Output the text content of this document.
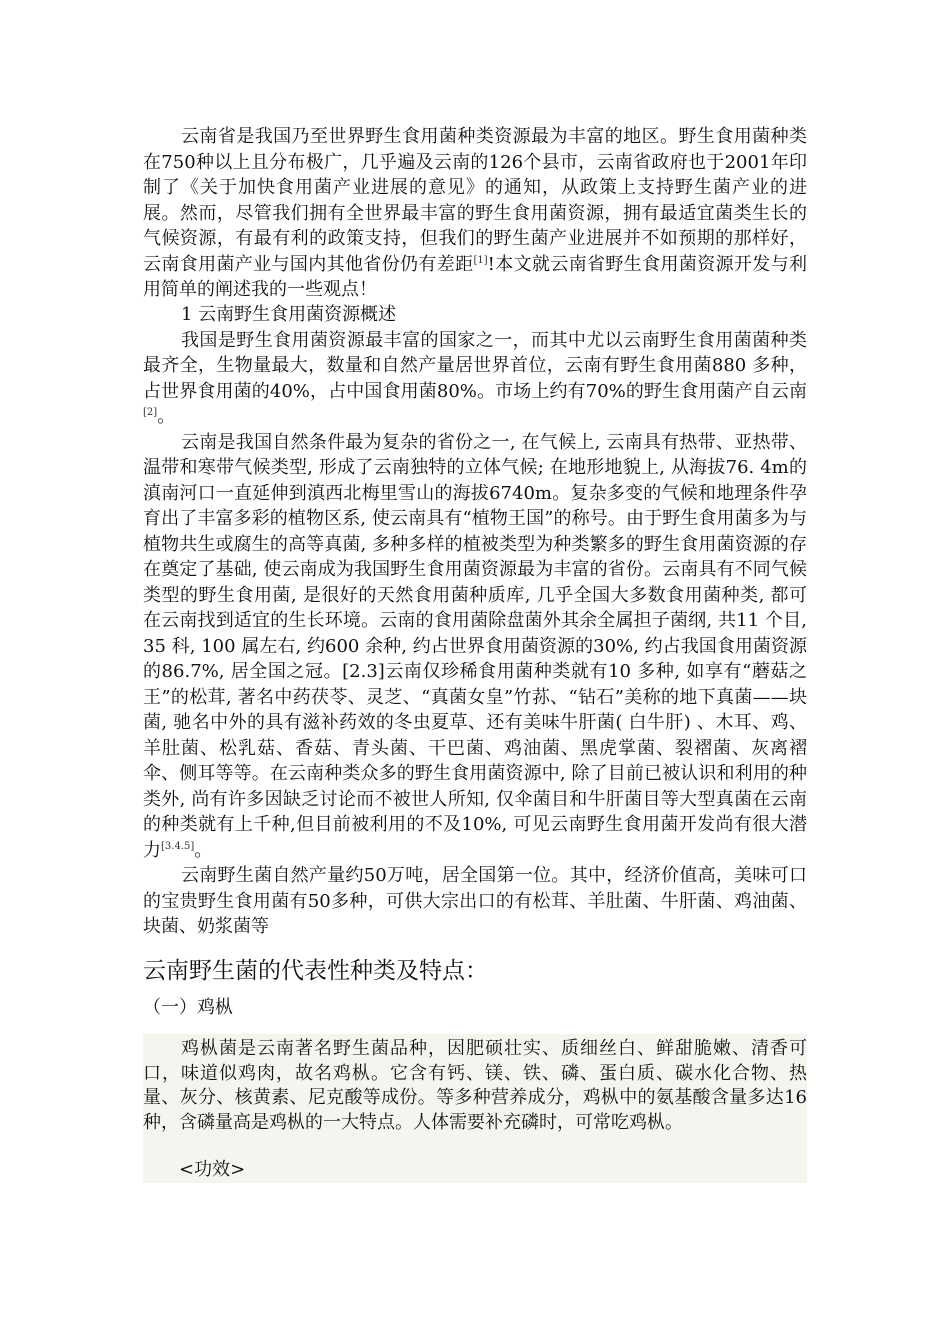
云南省是我国乃至世界野生食用菌种类资源最为丰富的地区。野生食用菌种类在750种以上且分布极广，几乎遍及云南的126个县市，云南省政府也于2001年印制了《关于加快食用菌产业进展的意见》的通知，从政策上支持野生菌产业的进展。然而，尽管我们拥有全世界最丰富的野生食用菌资源，拥有最适宜菌类生长的气候资源，有最有利的政策支持，但我们的野生菌产业进展并不如预期的那样好，云南食用菌产业与国内其他省份仍有差距[1]!本文就云南省野生食用菌资源开发与利用简单的阐述我的一些观点！

1 云南野生食用菌资源概述

我国是野生食用菌资源最丰富的国家之一，而其中尤以云南野生食用菌菌种类最齐全，生物量最大，数量和自然产量居世界首位，云南有野生食用菌880 多种，占世界食用菌的40%，占中国食用菌80%。市场上约有70%的野生食用菌产自云南[2]。

云南是我国自然条件最为复杂的省份之一, 在气候上, 云南具有热带、亚热带、温带和寒带气候类型, 形成了云南独特的立体气候; 在地形地貌上, 从海拔76. 4m的滇南河口一直延伸到滇西北梅里雪山的海拔6740m。复杂多变的气候和地理条件孕育出了丰富多彩的植物区系, 使云南具有“植物王国”的称号。由于野生食用菌多为与植物共生或腐生的高等真菌, 多种多样的植被类型为种类繁多的野生食用菌资源的存在奠定了基础, 使云南成为我国野生食用菌资源最为丰富的省份。云南具有不同气候类型的野生食用菌, 是很好的天然食用菌种质库, 几乎全国大多数食用菌种类, 都可在云南找到适宜的生长环境。云南的食用菌除盘菌外其余全属担子菌纲, 共11 个目, 35 科, 100 属左右, 约600 余种, 约占世界食用菌资源的30%, 约占我国食用菌资源的86.7%, 居全国之冠。[2.3]云南仅珍稀食用菌种类就有10 多种, 如享有“蘑菇之王”的松茸, 著名中药茯苓、灵芝、“真菌女皇”竹荪、“钻石”美称的地下真菌——块菌, 驰名中外的具有滋补药效的冬虫夏草、还有美味牛肝菌( 白牛肝) 、木耳、鸡、羊肚菌、松乳菇、香菇、青头菌、干巴菌、鸡油菌、黑虎掌菌、裂褶菌、灰离褶伞、侧耳等等。在云南种类众多的野生食用菌资源中, 除了目前已被认识和利用的种类外, 尚有许多因缺乏讨论而不被世人所知, 仅伞菌目和牛肝菌目等大型真菌在云南的种类就有上千种,但目前被利用的不及10%, 可见云南野生食用菌开发尚有很大潜力[3.4.5]。

云南野生菌自然产量约50万吨，居全国第一位。其中，经济价值高，美味可口的宝贵野生食用菌有50多种，可供大宗出口的有松茸、羊肚菌、牛肝菌、鸡油菌、块菌、奶浆菌等

云南野生菌的代表性种类及特点：

（一）鸡枞

鸡枞菌是云南著名野生菌品种，因肥硕壮实、质细丝白、鲜甜脆嫩、清香可口，味道似鸡肉，故名鸡枞。它含有钙、镁、铁、磷、蛋白质、碳水化合物、热量、灰分、核黄素、尼克酸等成份。等多种营养成分，鸡枞中的氨基酸含量多达16种，含磷量高是鸡枞的一大特点。人体需要补充磷时，可常吃鸡枞。

<功效>
